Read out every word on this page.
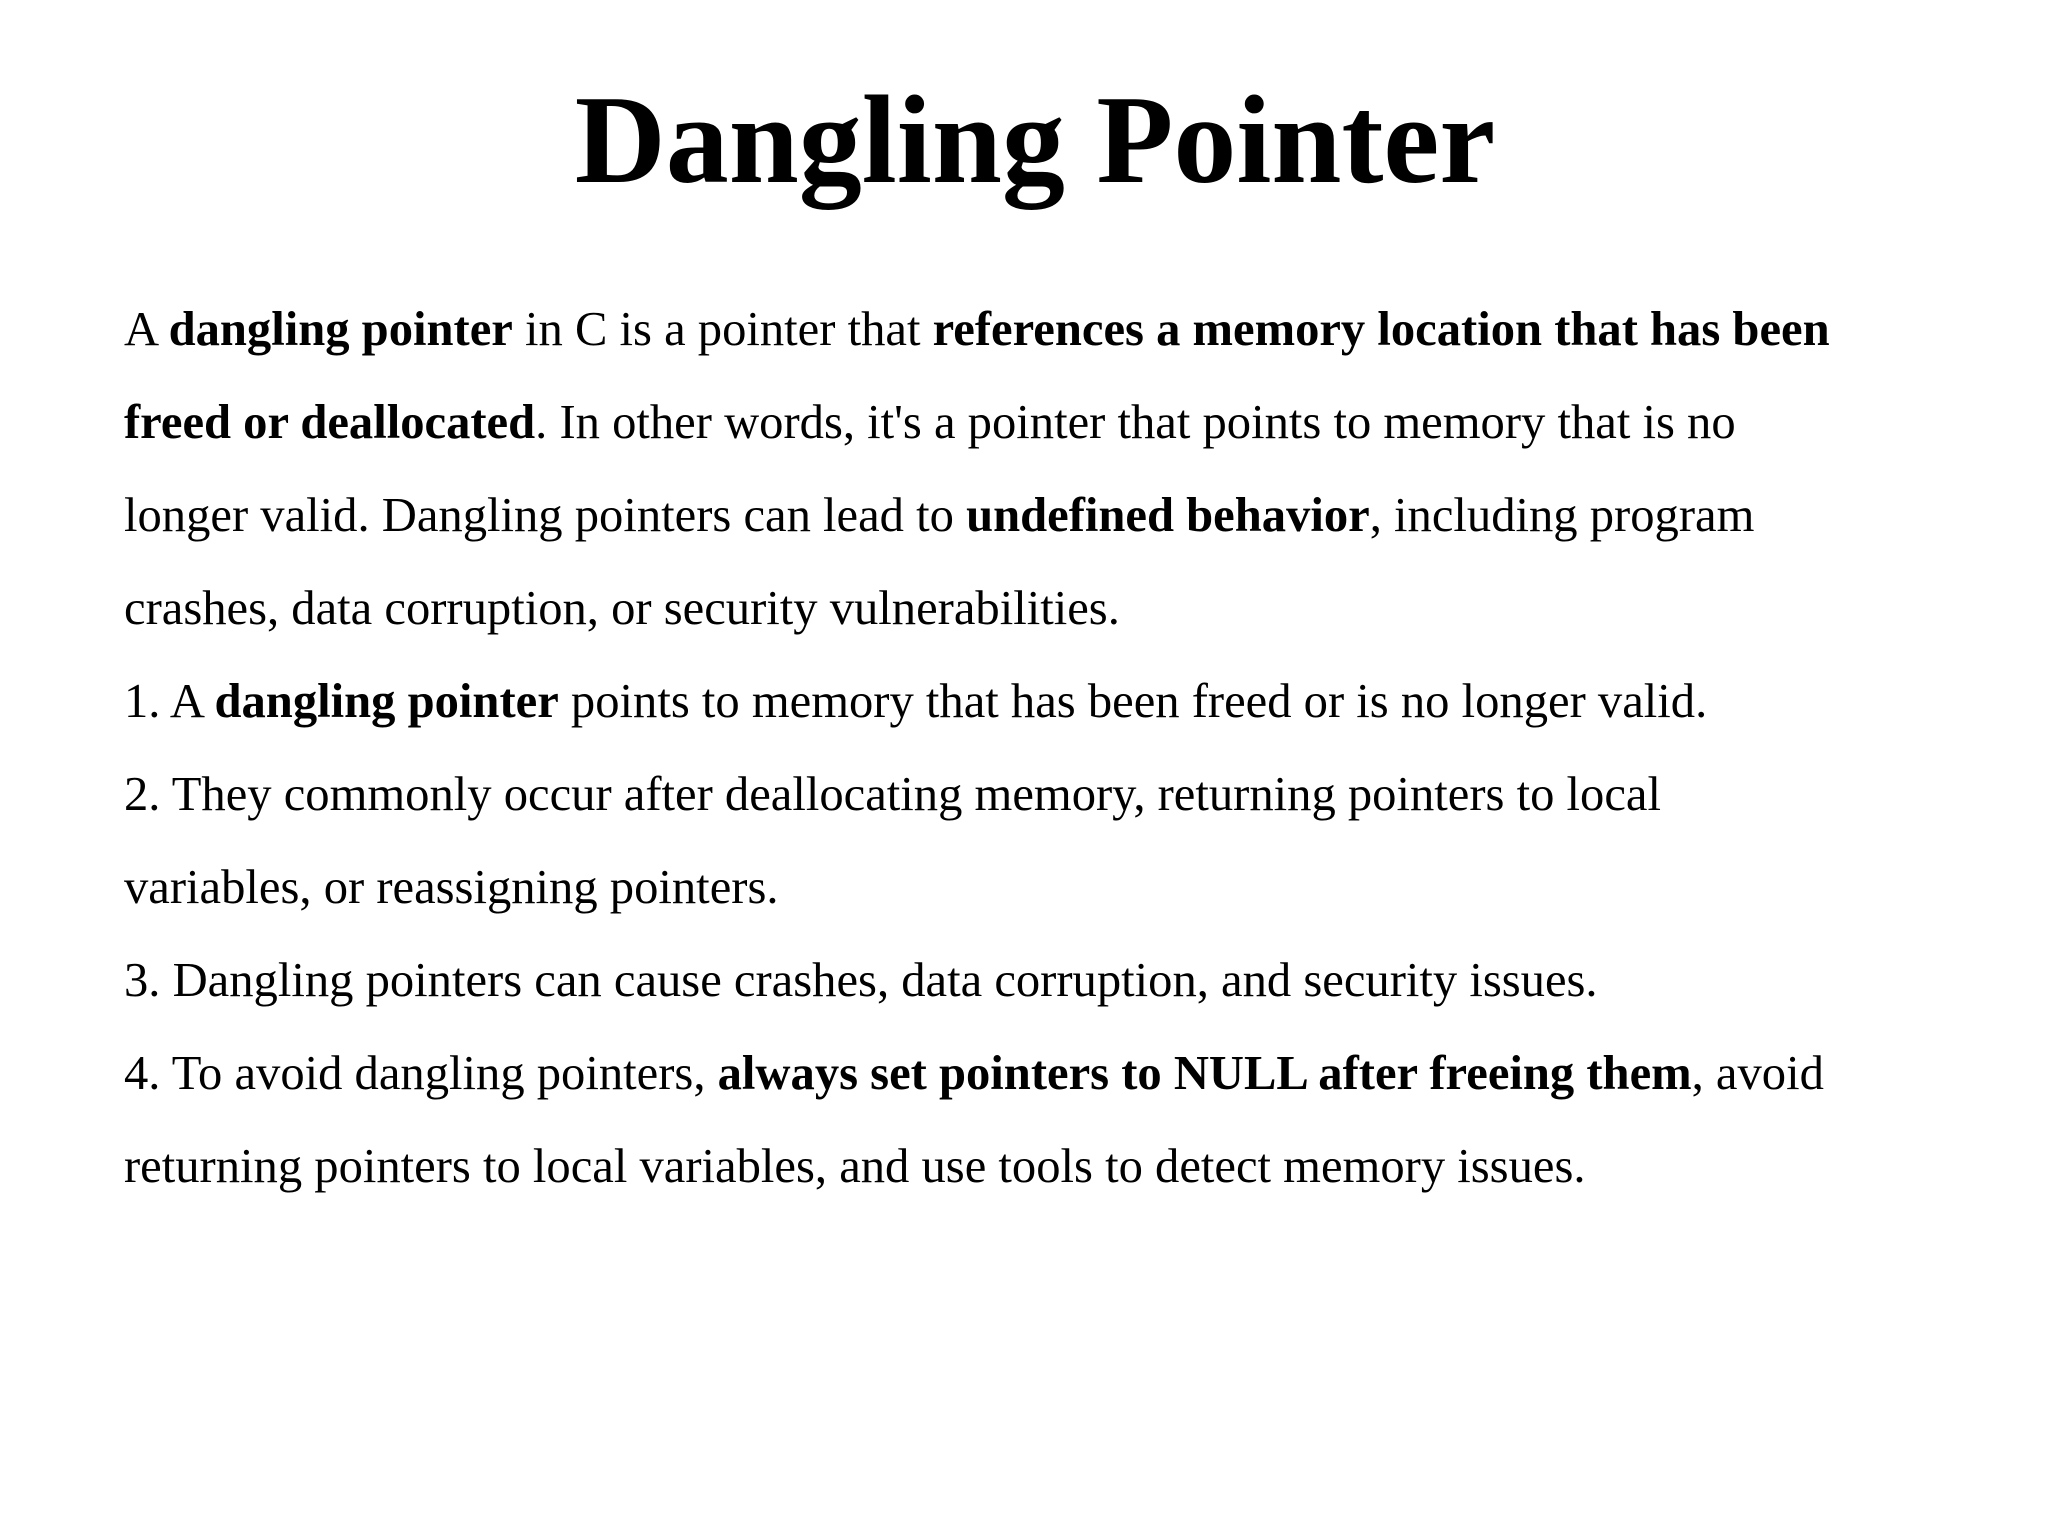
Dangling Pointer
A dangling pointer in C is a pointer that references a memory location that has been
freed or deallocated. In other words, it's a pointer that points to memory that is no
longer valid. Dangling pointers can lead to undefined behavior, including program
crashes, data corruption, or security vulnerabilities.
1. A dangling pointer points to memory that has been freed or is no longer valid.
2. They commonly occur after deallocating memory, returning pointers to local
variables, or reassigning pointers.
3. Dangling pointers can cause crashes, data corruption, and security issues.
4. To avoid dangling pointers, always set pointers to NULL after freeing them, avoid
returning pointers to local variables, and use tools to detect memory issues.
